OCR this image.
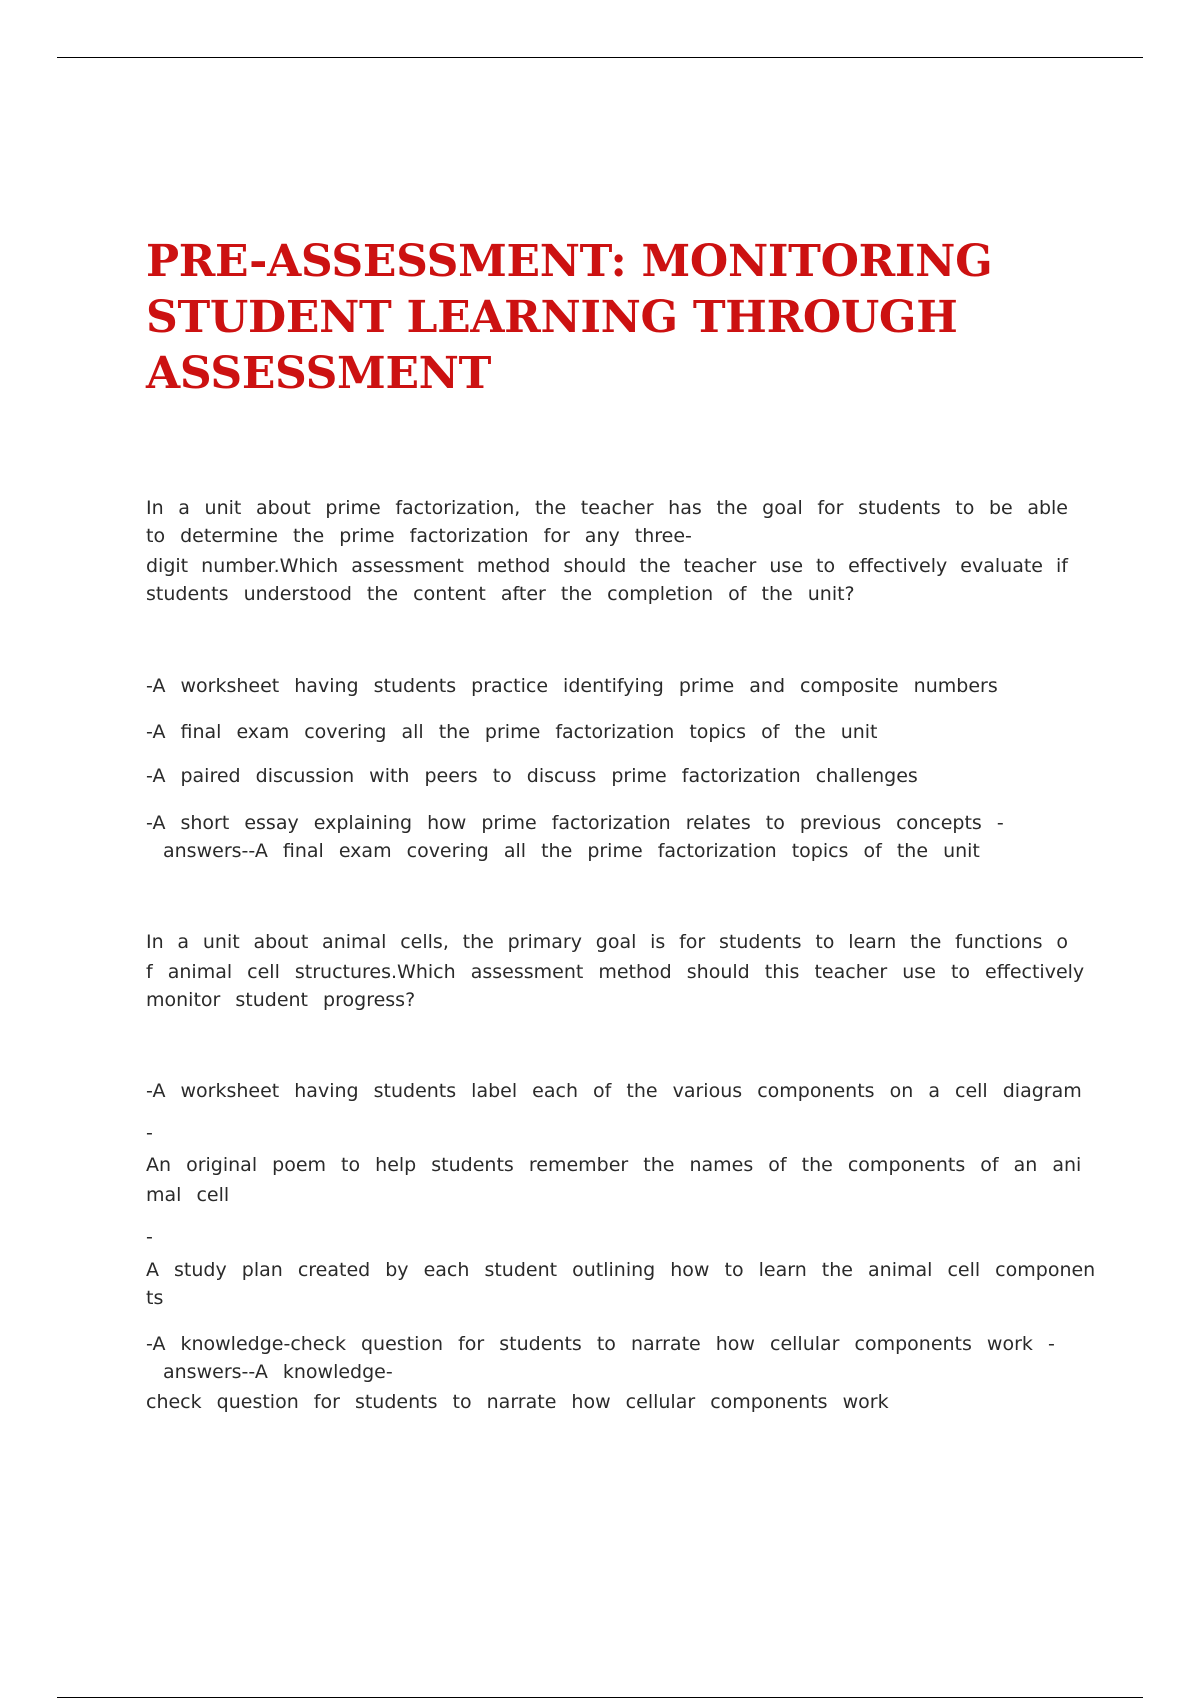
PRE-ASSESSMENT: MONITORING
STUDENT LEARNING THROUGH
ASSESSMENT
In a unit about prime factorization, the teacher has the goal for students to be able
to determine the prime factorization for any three-
digit number.Which assessment method should the teacher use to effectively evaluate if
students understood the content after the completion of the unit?
-A worksheet having students practice identifying prime and composite numbers
-A final exam covering all the prime factorization topics of the unit
-A paired discussion with peers to discuss prime factorization challenges
-A short essay explaining how prime factorization relates to previous concepts -
answers--A final exam covering all the prime factorization topics of the unit
In a unit about animal cells, the primary goal is for students to learn the functions o
f animal cell structures.Which assessment method should this teacher use to effectively
monitor student progress?
-A worksheet having students label each of the various components on a cell diagram
-
An original poem to help students remember the names of the components of an ani
mal cell
-
A study plan created by each student outlining how to learn the animal cell componen
ts
-A knowledge-check question for students to narrate how cellular components work -
answers--A knowledge-
check question for students to narrate how cellular components work
